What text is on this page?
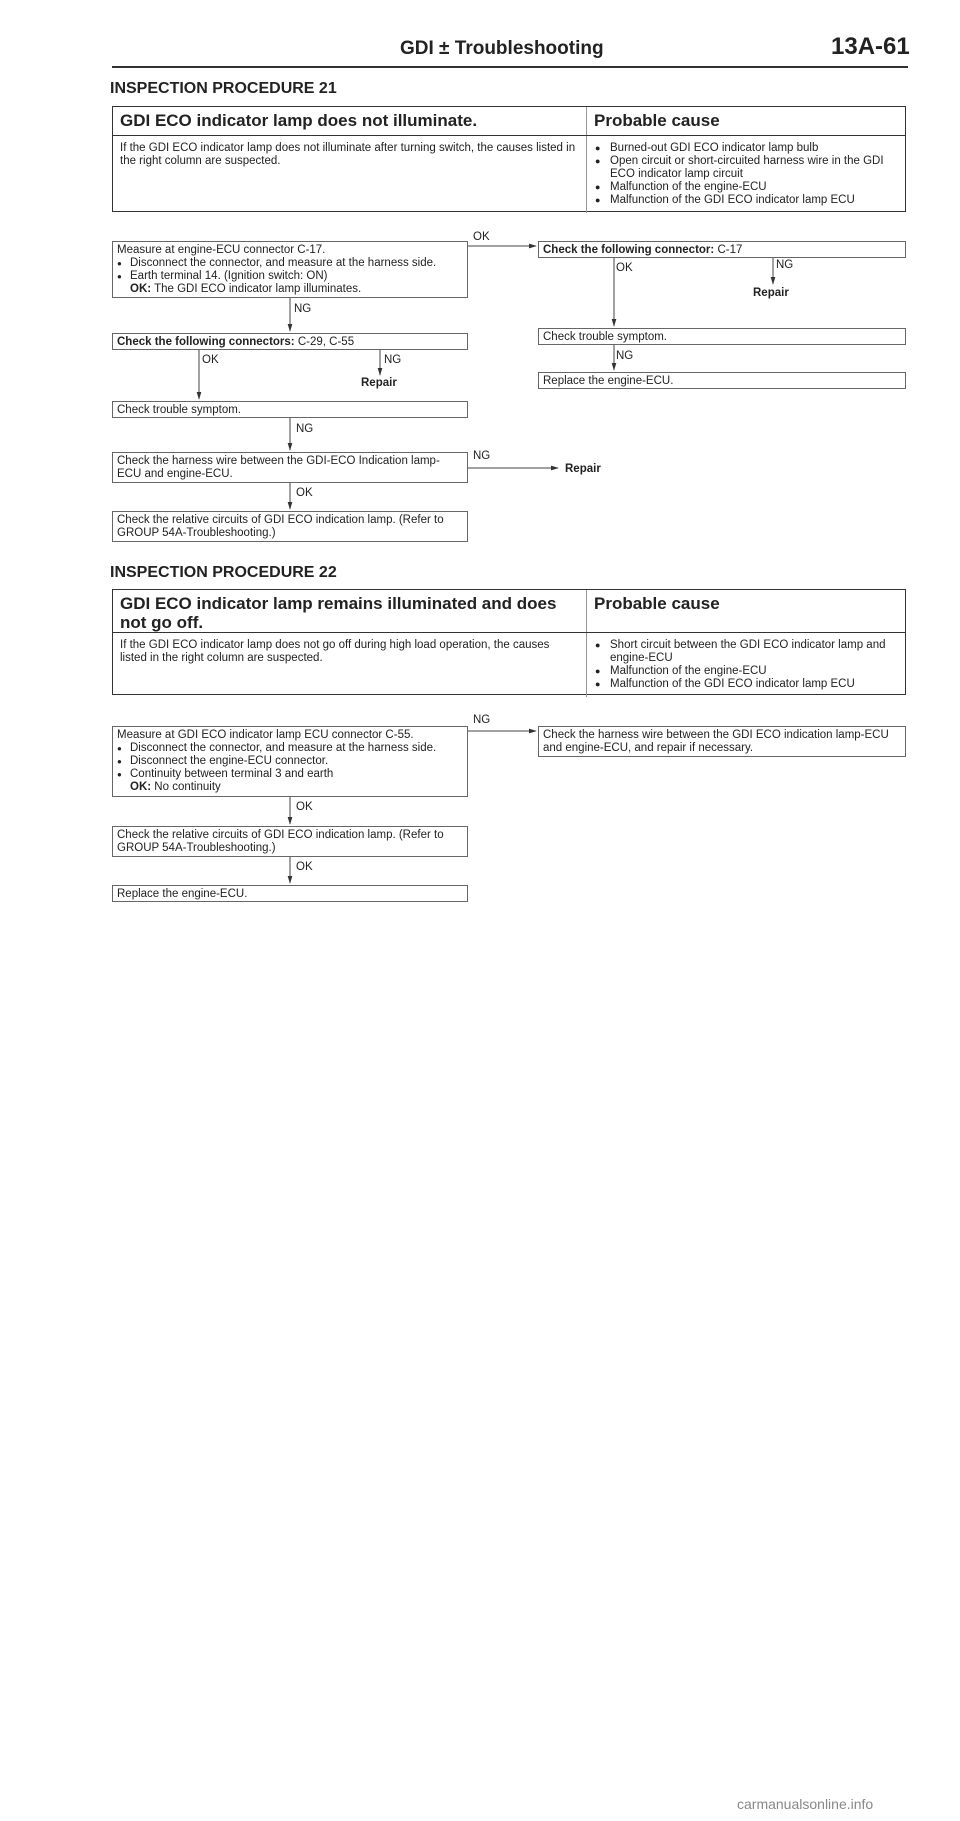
GDI ± Troubleshooting	13A-61
INSPECTION PROCEDURE 21
GDI ECO indicator lamp does not illuminate.	Probable cause
If the GDI ECO indicator lamp does not illuminate after turning switch, the causes listed in the right column are suspected.
● Burned-out GDI ECO indicator lamp bulb
● Open circuit or short-circuited harness wire in the GDI ECO indicator lamp circuit
● Malfunction of the engine-ECU
● Malfunction of the GDI ECO indicator lamp ECU
Measure at engine-ECU connector C-17.
● Disconnect the connector, and measure at the harness side.
● Earth terminal 14. (Ignition switch: ON)
OK: The GDI ECO indicator lamp illuminates.
Check the following connector: C-17
Check the following connectors: C-29, C-55	Check trouble symptom.
Replace the engine-ECU.
Check trouble symptom.
Check the harness wire between the GDI-ECO Indication lamp-ECU and engine-ECU.
Check the relative circuits of GDI ECO indication lamp. (Refer to GROUP 54A-Troubleshooting.)
OK
OK	NG
Repair
NG
OK	NG
Repair
NG
NG
NG
Repair
OK
INSPECTION PROCEDURE 22
GDI ECO indicator lamp remains illuminated and does not go off.
Probable cause
If the GDI ECO indicator lamp does not go off during high load operation, the causes listed in the right column are suspected.
● Short circuit between the GDI ECO indicator lamp and engine-ECU
● Malfunction of the engine-ECU
● Malfunction of the GDI ECO indicator lamp ECU
Measure at GDI ECO indicator lamp ECU connector C-55.
● Disconnect the connector, and measure at the harness side.
● Disconnect the engine-ECU connector.
● Continuity between terminal 3 and earth
OK: No continuity
Check the harness wire between the GDI ECO indication lamp-ECU and engine-ECU, and repair if necessary.
Check the relative circuits of GDI ECO indication lamp. (Refer to GROUP 54A-Troubleshooting.)
Replace the engine-ECU.
NG
OK
OK
carmanualsonline.info
